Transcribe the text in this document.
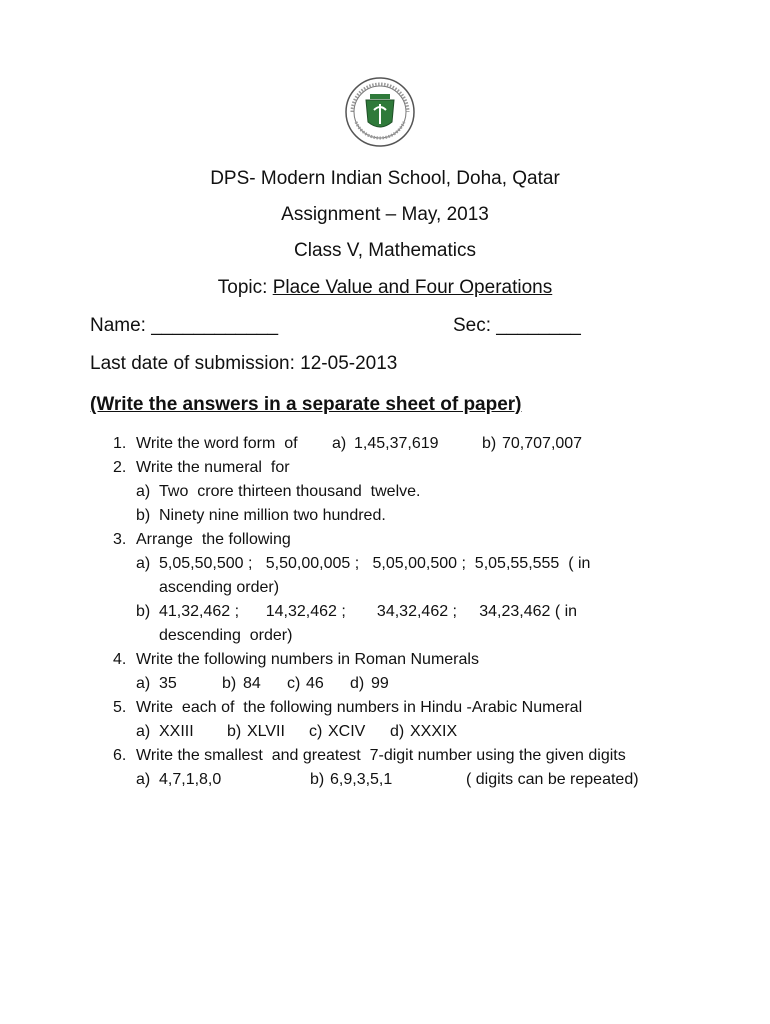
DPS- Modern Indian School, Doha, Qatar
Assignment – May, 2013
Class V, Mathematics
Topic: Place Value and Four Operations
Name: ____________	Sec: ________
Last date of submission: 12-05-2013
(Write the answers in a separate sheet of paper)
1. Write the word form  of a) 1,45,37,619	b) 70,707,007
2. Write the numeral  for
a) Two  crore thirteen thousand  twelve.
b) Ninety nine million two hundred.
3. Arrange  the following
a) 5,05,50,500 ;   5,50,00,005 ;   5,05,00,500 ;  5,05,55,555  ( in
ascending order)
b) 41,32,462 ;      14,32,462 ;       34,32,462 ;     34,23,462 ( in
descending  order)
4. Write the following numbers in Roman Numerals
a) 35	b) 84 c) 46 d) 99
5. Write  each of  the following numbers in Hindu -Arabic Numeral
a) XXIII b) XLVII c) XCIV d) XXXIX
6. Write the smallest  and greatest  7-digit number using the given digits
a) 4,7,1,8,0	b) 6,9,3,5,1	( digits can be repeated)
